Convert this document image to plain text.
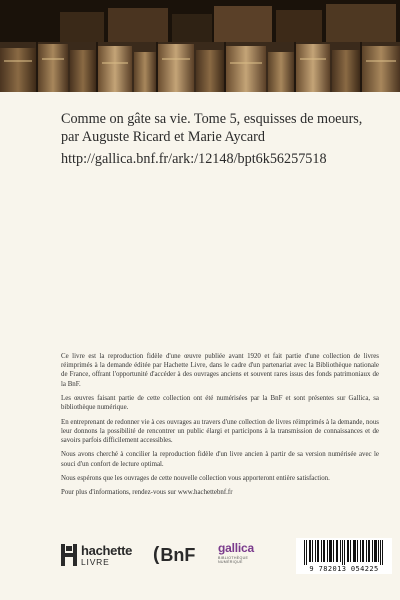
Comme on gâte sa vie. Tome 5, esquisses de moeurs, par Auguste Ricard et Marie Aycard

http://gallica.bnf.fr/ark:/12148/bpt6k56257518

Ce livre est la reproduction fidèle d'une œuvre publiée avant 1920 et fait partie d'une collection de livres réimprimés à la demande éditée par Hachette Livre, dans le cadre d'un partenariat avec la Bibliothèque nationale de France, offrant l'opportunité d'accéder à des ouvrages anciens et souvent rares issus des fonds patrimoniaux de la BnF.

Les œuvres faisant partie de cette collection ont été numérisées par la BnF et sont présentes sur Gallica, sa bibliothèque numérique.

En entreprenant de redonner vie à ces ouvrages au travers d'une collection de livres réimprimés à la demande, nous leur donnons la possibilité de rencontrer un public élargi et participons à la transmission de connaissances et de savoirs parfois difficilement accessibles.

Nous avons cherché à concilier la reproduction fidèle d'un livre ancien à partir de sa version numérisée avec le souci d'un confort de lecture optimal.

Nous espérons que les ouvrages de cette nouvelle collection vous apporteront entière satisfaction.

Pour plus d'informations, rendez-vous sur www.hachettebnf.fr

hachette
LIVRE	( BnF gallica
BIBLIOTHÈQUE NUMÉRIQUE
9 782013 054225
